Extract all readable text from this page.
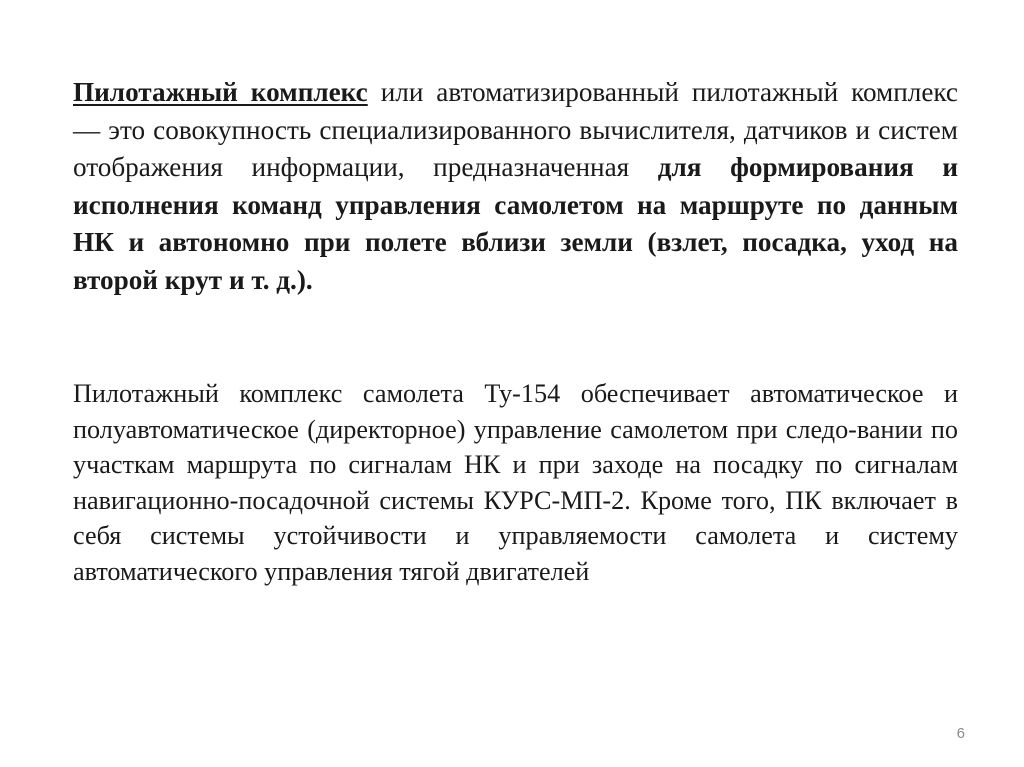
Пилотажный комплекс или автоматизированный пилотажный комплекс — это совокупность специализированного вычислителя, датчиков и систем отображения информации, предназначенная для формирования и исполнения команд управления самолетом на маршруте по данным НК и автономно при полете вблизи земли (взлет, посадка, уход на второй крут и т. д.).

Пилотажный комплекс самолета Ту-154 обеспечивает автоматическое и полуавтоматическое (директорное) управление самолетом при следо-вании по участкам маршрута по сигналам НК и при заходе на посадку по сигналам навигационно-посадочной системы КУРС-МП-2. Кроме того, ПК включает в себя системы устойчивости и управляемости самолета и систему автоматического управления тягой двигателей

6
